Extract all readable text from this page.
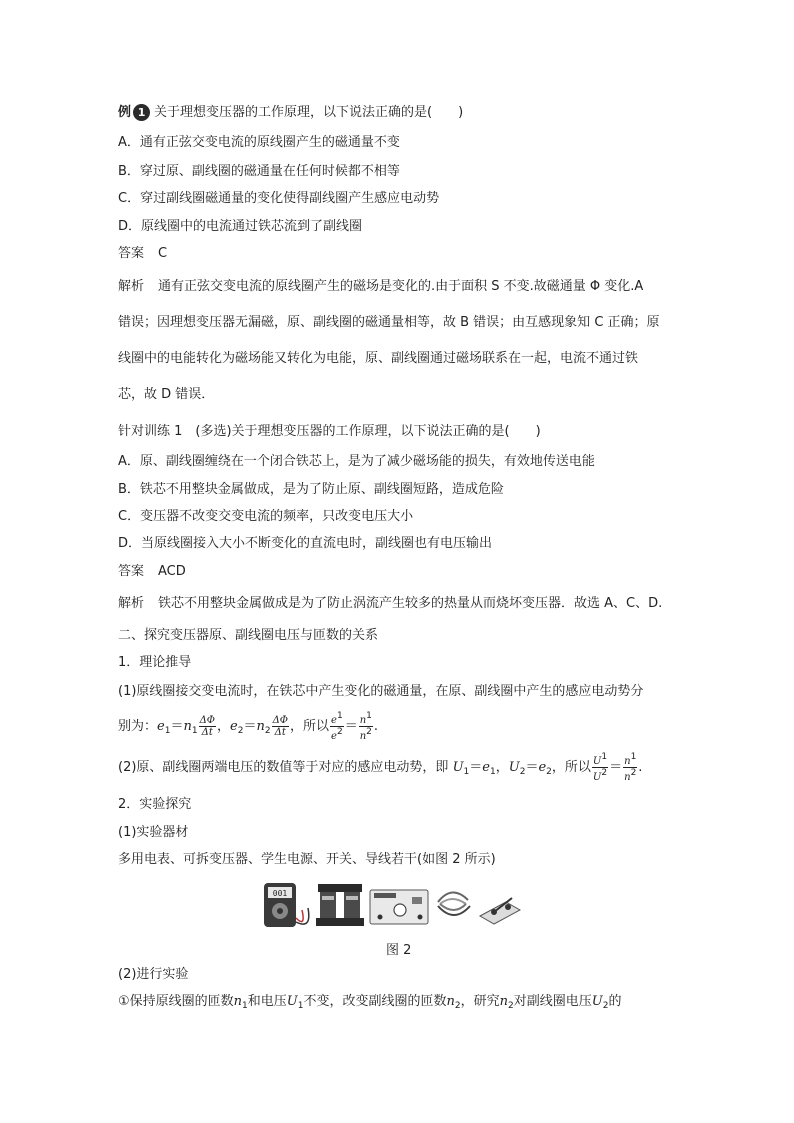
例 1 关于理想变压器的工作原理，以下说法正确的是(　　)
A．通有正弦交变电流的原线圈产生的磁通量不变
B．穿过原、副线圈的磁通量在任何时候都不相等
C．穿过副线圈磁通量的变化使得副线圈产生感应电动势
D．原线圈中的电流通过铁芯流到了副线圈
答案 C
解析 通有正弦交变电流的原线圈产生的磁场是变化的.由于面积 S 不变.故磁通量 Φ 变化.A
错误；因理想变压器无漏磁，原、副线圈的磁通量相等，故 B 错误；由互感现象知 C 正确；原
线圈中的电能转化为磁场能又转化为电能，原、副线圈通过磁场联系在一起，电流不通过铁
芯，故 D 错误．
针对训练 1　(多选)关于理想变压器的工作原理，以下说法正确的是(　　)
A．原、副线圈缠绕在一个闭合铁芯上，是为了减少磁场能的损失，有效地传送电能
B．铁芯不用整块金属做成，是为了防止原、副线圈短路，造成危险
C．变压器不改变交变电流的频率，只改变电压大小
D．当原线圈接入大小不断变化的直流电时，副线圈也有电压输出
答案 ACD
解析 铁芯不用整块金属做成是为了防止涡流产生较多的热量从而烧坏变压器．故选 A、C、D.
二、探究变压器原、副线圈电压与匝数的关系
1．理论推导
(1)原线圈接交变电流时，在铁芯中产生变化的磁通量，在原、副线圈中产生的感应电动势分
别为：$e_1=n_1 \frac{\Delta\Phi}{\Delta t}$ ，$e_2=n_2 \frac{\Delta\Phi}{\Delta t}$ ，所以 $\frac{e^1}{e^2} = \frac{n^1}{n^2}$ .
(2)原、副线圈两端电压的数值等于对应的感应电动势，即 $U_1=e_1$，$U_2=e_2$，所以 $\frac{U^1}{U^2} = \frac{n^1}{n^2}$ .
2．实验探究
(1)实验器材
多用电表、可拆变压器、学生电源、开关、导线若干(如图 2 所示)
001
图 2
(2)进行实验
①保持原线圈的匝数$n_1$和电压$U_1$不变，改变副线圈的匝数$n_2$，研究$n_2$对副线圈电压$U_2$的
